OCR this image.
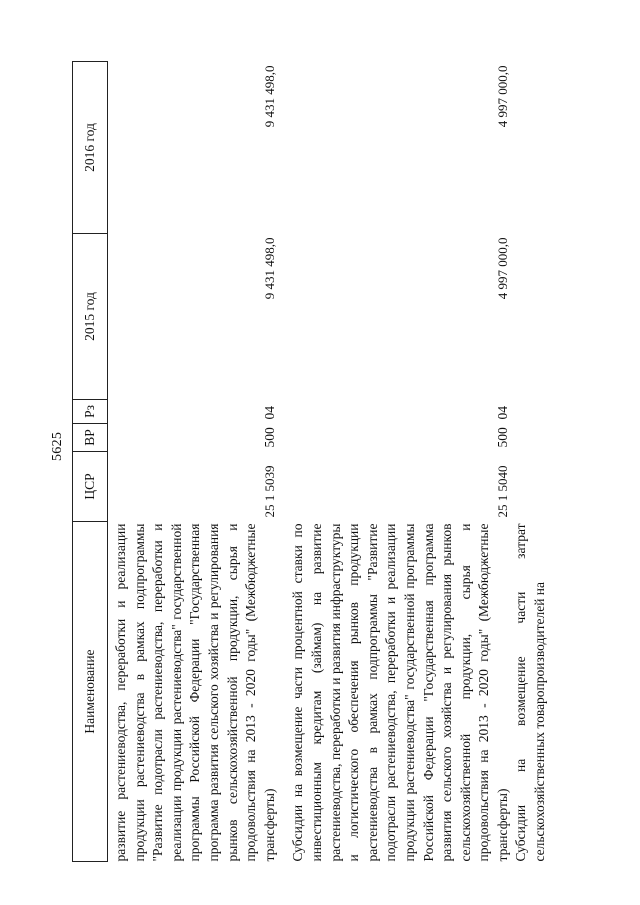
5625
Наименование	ЦСР	ВР	Рз	2015 год	2016 год
развитие растениеводства, переработки и реализации продукции растениеводства в рамках подпрограммы "Развитие подотрасли растениеводства, переработки и реализации продукции растениеводства" государственной программы Российской Федерации "Государственная программа развития сельского хозяйства и регулирования рынков сельскохозяйственной продукции, сырья и продовольствия на 2013 - 2020 годы" (Межбюджетные трансферты)	25 1 5039	500	04	9 431 498,0	9 431 498,0
Субсидии на возмещение части процентной ставки по инвестиционным кредитам (займам) на развитие растениеводства, переработки и развития инфраструктуры и логистического обеспечения рынков продукции растениеводства в рамках подпрограммы "Развитие подотрасли растениеводства, переработки и реализации продукции растениеводства" государственной программы Российской Федерации "Государственная программа развития сельского хозяйства и регулирования рынков сельскохозяйственной продукции, сырья и продовольствия на 2013 - 2020 годы" (Межбюджетные трансферты)	25 1 5040	500	04	4 997 000,0	4 997 000,0
Субсидии на возмещение части затрат сельскохозяйственных товаропроизводителей на					
